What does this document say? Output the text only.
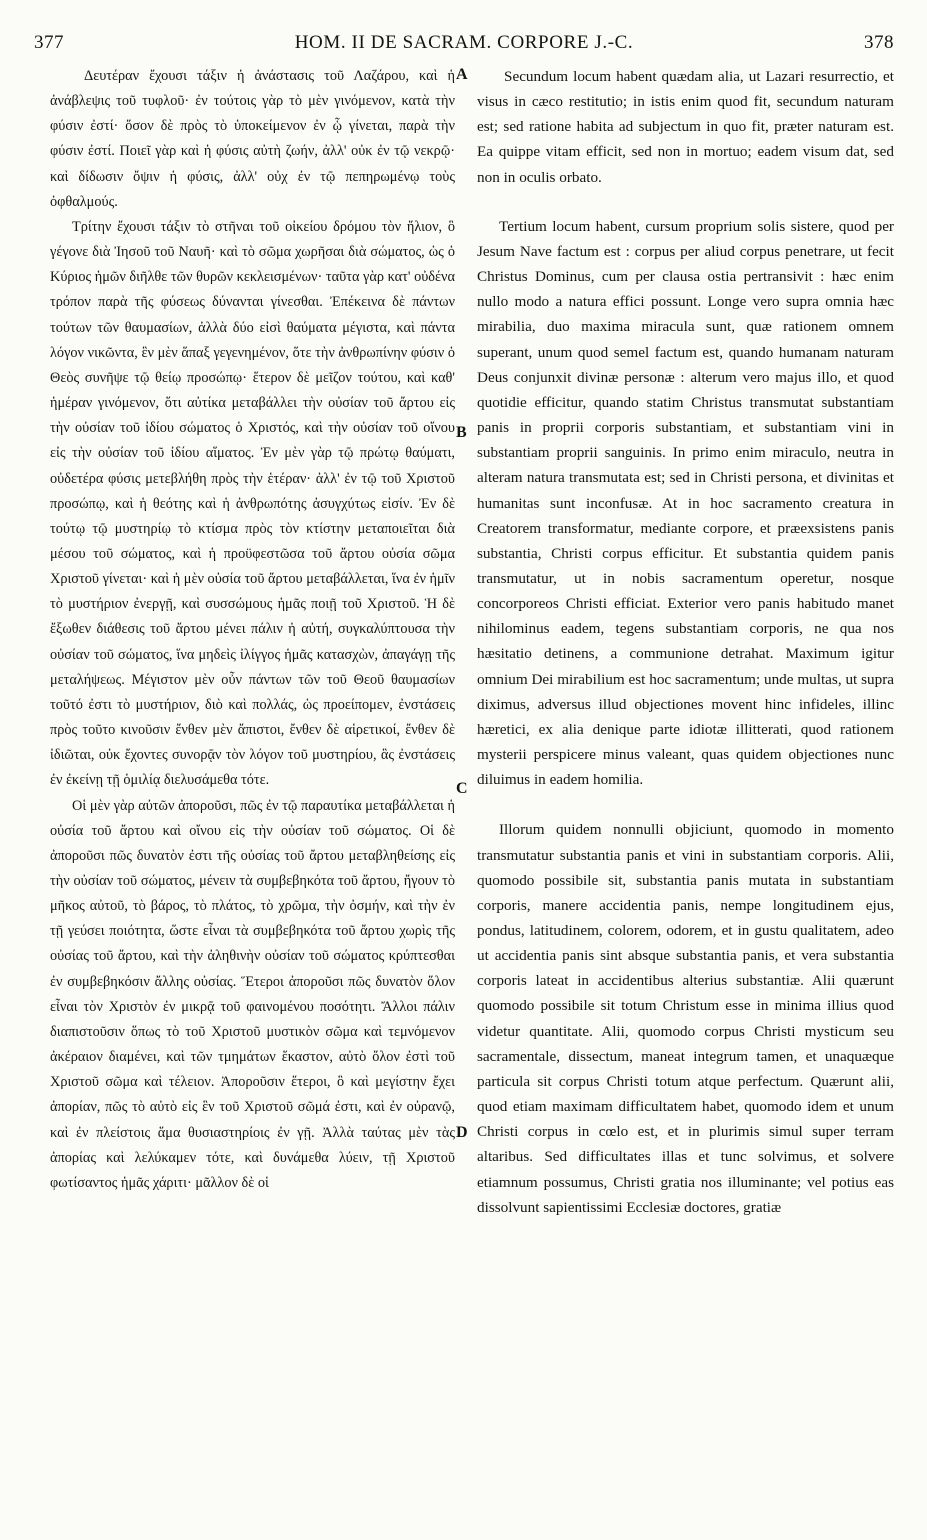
377	HOM. II DE SACRAM. CORPORE J.-C.	378

Δευτέραν ἔχουσι τάξιν ἡ ἀνάστασις τοῦ Λαζάρου, καὶ ἡ ἀνάβλεψις τοῦ τυφλοῦ· ἐν τούτοις γὰρ τὸ μὲν γινόμενον, κατὰ τὴν φύσιν ἐστί· ὅσον δὲ πρὸς τὸ ὑποκείμενον ἐν ᾧ γίνεται, παρὰ τὴν φύσιν ἐστί. Ποιεῖ γὰρ καὶ ἡ φύσις αὐτὴ ζωήν, ἀλλ' οὐκ ἐν τῷ νεκρῷ· καὶ δίδωσιν ὄψιν ἡ φύσις, ἀλλ' οὐχ ἐν τῷ πεπηρωμένῳ τοὺς ὀφθαλμούς.

Τρίτην ἔχουσι τάξιν τὸ στῆναι τοῦ οἰκείου δρόμου τὸν ἥλιον, ὃ γέγονε διὰ Ἰησοῦ τοῦ Ναυῆ· καὶ τὸ σῶμα χωρῆσαι διὰ σώματος, ὡς ὁ Κύριος ἡμῶν διῆλθε τῶν θυρῶν κεκλεισμένων· ταῦτα γὰρ κατ' οὐδένα τρόπον παρὰ τῆς φύσεως δύνανται γίνεσθαι. Ἐπέκεινα δὲ πάντων τούτων τῶν θαυμασίων, ἀλλὰ δύο εἰσὶ θαύματα μέγιστα, καὶ πάντα λόγον νικῶντα, ἓν μὲν ἅπαξ γεγενημένον, ὅτε τὴν ἀνθρωπίνην φύσιν ὁ Θεὸς συνῆψε τῷ θείῳ προσώπῳ· ἕτερον δὲ μεῖζον τούτου, καὶ καθ' ἡμέραν γινόμενον, ὅτι αὐτίκα μεταβάλλει τὴν οὐσίαν τοῦ ἄρτου εἰς τὴν οὐσίαν τοῦ ἰδίου σώματος ὁ Χριστός, καὶ τὴν οὐσίαν τοῦ οἴνου εἰς τὴν οὐσίαν τοῦ ἰδίου αἵματος. Ἐν μὲν γὰρ τῷ πρώτῳ θαύματι, οὐδετέρα φύσις μετεβλήθη πρὸς τὴν ἑτέραν· ἀλλ' ἐν τῷ τοῦ Χριστοῦ προσώπῳ, καὶ ἡ θεότης καὶ ἡ ἀνθρωπότης ἀσυγχύτως εἰσίν. Ἐν δὲ τούτῳ τῷ μυστηρίῳ τὸ κτίσμα πρὸς τὸν κτίστην μεταποιεῖται διὰ μέσου τοῦ σώματος, καὶ ἡ προϋφεστῶσα τοῦ ἄρτου οὐσία σῶμα Χριστοῦ γίνεται· καὶ ἡ μὲν οὐσία τοῦ ἄρτου μεταβάλλεται, ἵνα ἐν ἡμῖν τὸ μυστήριον ἐνεργῇ, καὶ συσσώμους ἡμᾶς ποιῇ τοῦ Χριστοῦ. Ἡ δὲ ἔξωθεν διάθεσις τοῦ ἄρτου μένει πάλιν ἡ αὐτή, συγκαλύπτουσα τὴν οὐσίαν τοῦ σώματος, ἵνα μηδεὶς ἰλίγγος ἡμᾶς κατασχὼν, ἀπαγάγῃ τῆς μεταλήψεως. Μέγιστον μὲν οὖν πάντων τῶν τοῦ Θεοῦ θαυμασίων τοῦτό ἐστι τὸ μυστήριον, διὸ καὶ πολλάς, ὡς προείπομεν, ἐνστάσεις πρὸς τοῦτο κινοῦσιν ἔνθεν μὲν ἄπιστοι, ἔνθεν δὲ αἱρετικοί, ἔνθεν δὲ ἰδιῶται, οὐκ ἔχοντες συνορᾷν τὸν λόγον τοῦ μυστηρίου, ἃς ἐνστάσεις ἐν ἐκείνῃ τῇ ὁμιλίᾳ διελυσάμεθα τότε.

Οἱ μὲν γὰρ αὐτῶν ἀποροῦσι, πῶς ἐν τῷ παραυτίκα μεταβάλλεται ἡ οὐσία τοῦ ἄρτου καὶ οἴνου εἰς τὴν οὐσίαν τοῦ σώματος. Οἱ δὲ ἀποροῦσι πῶς δυνατὸν ἐστι τῆς οὐσίας τοῦ ἄρτου μεταβληθείσης εἰς τὴν οὐσίαν τοῦ σώματος, μένειν τὰ συμβεβηκότα τοῦ ἄρτου, ἤγουν τὸ μῆκος αὐτοῦ, τὸ βάρος, τὸ πλάτος, τὸ χρῶμα, τὴν ὀσμήν, καὶ τὴν ἐν τῇ γεύσει ποιότητα, ὥστε εἶναι τὰ συμβεβηκότα τοῦ ἄρτου χωρὶς τῆς οὐσίας τοῦ ἄρτου, καὶ τὴν ἀληθινὴν οὐσίαν τοῦ σώματος κρύπτεσθαι ἐν συμβεβηκόσιν ἄλλης οὐσίας. Ἕτεροι ἀποροῦσι πῶς δυνατὸν ὅλον εἶναι τὸν Χριστὸν ἐν μικρᾷ τοῦ φαινομένου ποσότητι. Ἄλλοι πάλιν διαπιστοῦσιν ὅπως τὸ τοῦ Χριστοῦ μυστικὸν σῶμα καὶ τεμνόμενον ἀκέραιον διαμένει, καὶ τῶν τμημάτων ἕκαστον, αὐτὸ ὅλον ἐστὶ τοῦ Χριστοῦ σῶμα καὶ τέλειον. Ἀποροῦσιν ἕτεροι, ὃ καὶ μεγίστην ἔχει ἀπορίαν, πῶς τὸ αὐτὸ εἰς ἓν τοῦ Χριστοῦ σῶμά ἐστι, καὶ ἐν οὐρανῷ, καὶ ἐν πλείστοις ἅμα θυσιαστηρίοις ἐν γῇ. Ἀλλὰ ταύτας μὲν τὰς ἀπορίας καὶ λελύκαμεν τότε, καὶ δυνάμεθα λύειν, τῇ Χριστοῦ φωτίσαντος ἡμᾶς χάριτι· μᾶλλον δὲ οἱ

A
B
C
D

Secundum locum habent quædam alia, ut Lazari resurrectio, et visus in cæco restitutio; in istis enim quod fit, secundum naturam est; sed ratione habita ad subjectum in quo fit, præter naturam est. Ea quippe vitam efficit, sed non in mortuo; eadem visum dat, sed non in oculis orbato.

Tertium locum habent, cursum proprium solis sistere, quod per Jesum Nave factum est : corpus per aliud corpus penetrare, ut fecit Christus Dominus, cum per clausa ostia pertransivit : hæc enim nullo modo a natura effici possunt. Longe vero supra omnia hæc mirabilia, duo maxima miracula sunt, quæ rationem omnem superant, unum quod semel factum est, quando humanam naturam Deus conjunxit divinæ personæ : alterum vero majus illo, et quod quotidie efficitur, quando statim Christus transmutat substantiam panis in proprii corporis substantiam, et substantiam vini in substantiam proprii sanguinis. In primo enim miraculo, neutra in alteram natura transmutata est; sed in Christi persona, et divinitas et humanitas sunt inconfusæ. At in hoc sacramento creatura in Creatorem transformatur, mediante corpore, et præexsistens panis substantia, Christi corpus efficitur. Et substantia quidem panis transmutatur, ut in nobis sacramentum operetur, nosque concorporeos Christi efficiat. Exterior vero panis habitudo manet nihilominus eadem, tegens substantiam corporis, ne qua nos hæsitatio detinens, a communione detrahat. Maximum igitur omnium Dei mirabilium est hoc sacramentum; unde multas, ut supra diximus, adversus illud objectiones movent hinc infideles, illinc hæretici, ex alia denique parte idiotæ illitterati, quod rationem mysterii perspicere minus valeant, quas quidem objectiones nunc diluimus in eadem homilia.

Illorum quidem nonnulli objiciunt, quomodo in momento transmutatur substantia panis et vini in substantiam corporis. Alii, quomodo possibile sit, substantia panis mutata in substantiam corporis, manere accidentia panis, nempe longitudinem ejus, pondus, latitudinem, colorem, odorem, et in gustu qualitatem, adeo ut accidentia panis sint absque substantia panis, et vera substantia corporis lateat in accidentibus alterius substantiæ. Alii quærunt quomodo possibile sit totum Christum esse in minima illius quod videtur quantitate. Alii, quomodo corpus Christi mysticum seu sacramentale, dissectum, maneat integrum tamen, et unaquæque particula sit corpus Christi totum atque perfectum. Quærunt alii, quod etiam maximam difficultatem habet, quomodo idem et unum Christi corpus in cœlo est, et in plurimis simul super terram altaribus. Sed difficultates illas et tunc solvimus, et solvere etiamnum possumus, Christi gratia nos illuminante; vel potius eas dissolvunt sapientissimi Ecclesiæ doctores, gratiæ
